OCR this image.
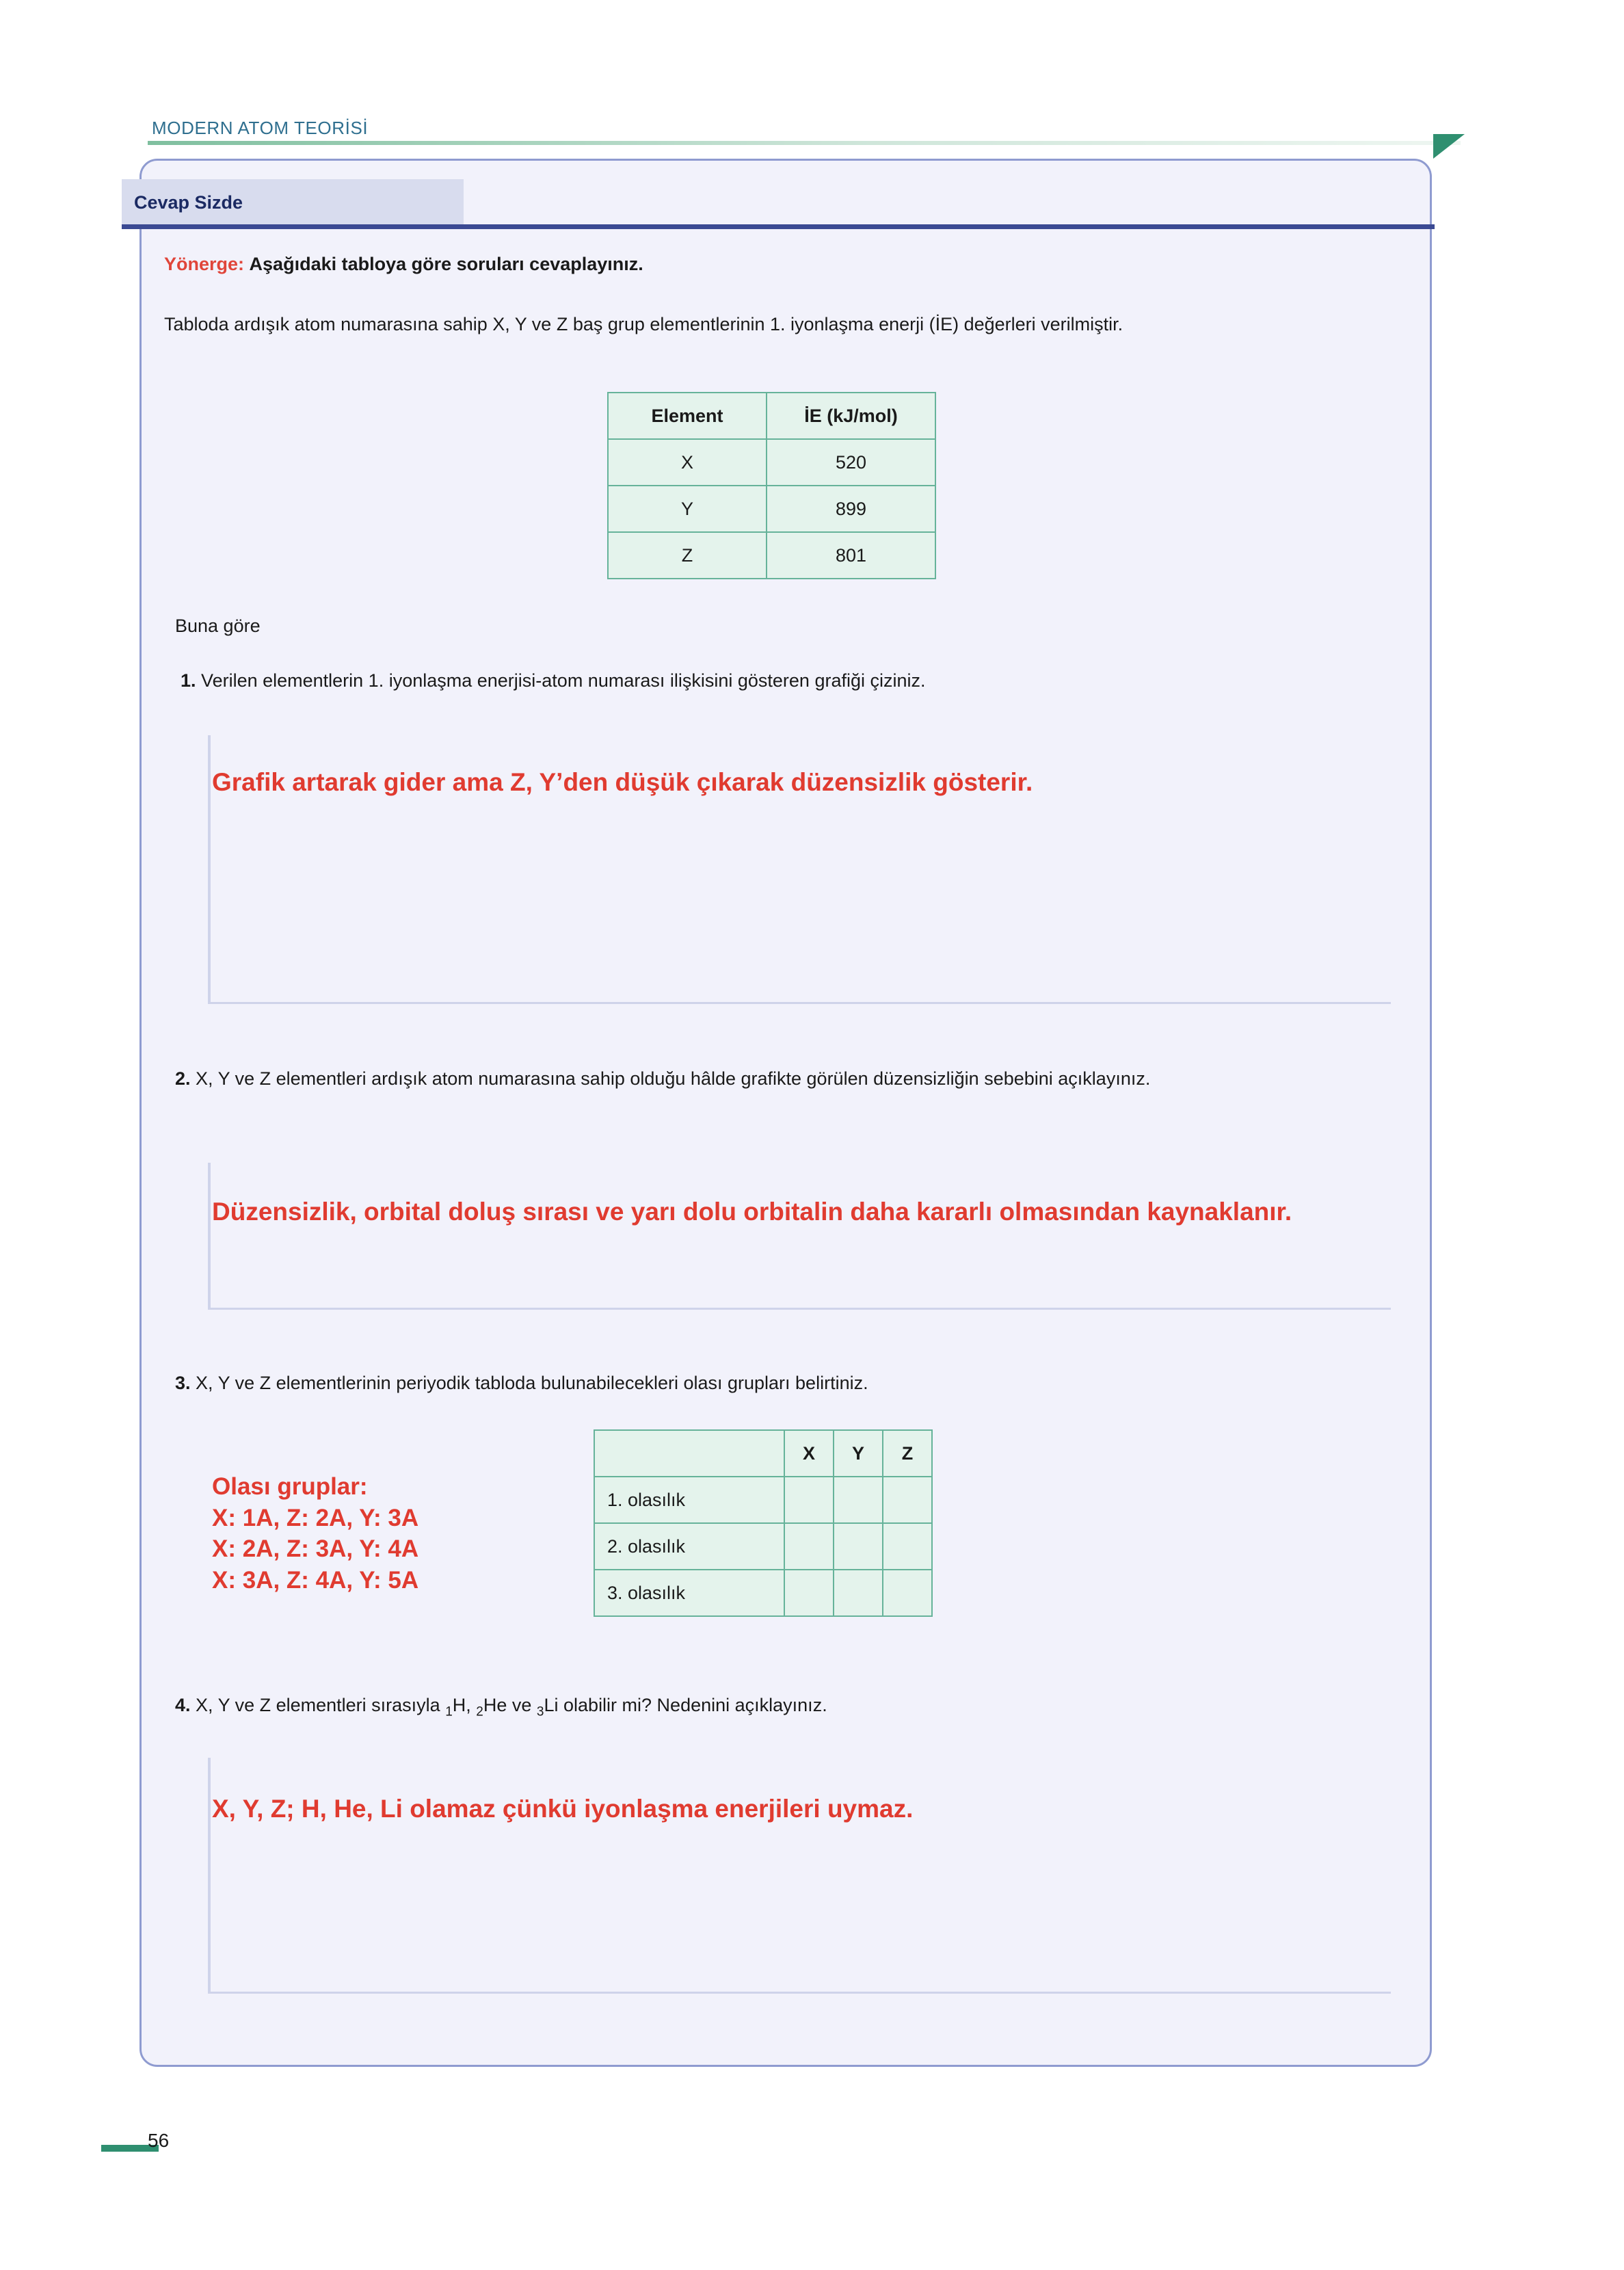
MODERN ATOM TEORİSİ
Cevap Sizde
Yönerge: Aşağıdaki tabloya göre soruları cevaplayınız.
Tabloda ardışık atom numarasına sahip X, Y ve Z baş grup elementlerinin 1. iyonlaşma enerji (İE) değerleri verilmiştir.
Element	İE (kJ/mol)
X	520
Y	899
Z	801
Buna göre
1. Verilen elementlerin 1. iyonlaşma enerjisi-atom numarası ilişkisini gösteren grafiği çiziniz.
Grafik artarak gider ama Z, Y’den düşük çıkarak düzensizlik gösterir.
2. X, Y ve Z elementleri ardışık atom numarasına sahip olduğu hâlde grafikte görülen düzensizliğin sebebini açıklayınız.
Düzensizlik, orbital doluş sırası ve yarı dolu orbitalin daha kararlı olmasından kaynaklanır.
3. X, Y ve Z elementlerinin periyodik tabloda bulunabilecekleri olası grupları belirtiniz.
	X	Y	Z
1. olasılık			
2. olasılık			
3. olasılık			
Olası gruplar:
X: 1A, Z: 2A, Y: 3A
X: 2A, Z: 3A, Y: 4A
X: 3A, Z: 4A, Y: 5A
4. X, Y ve Z elementleri sırasıyla $_1$H, $_2$He ve $_3$Li olabilir mi? Nedenini açıklayınız.
X, Y, Z; H, He, Li olamaz çünkü iyonlaşma enerjileri uymaz.
56
